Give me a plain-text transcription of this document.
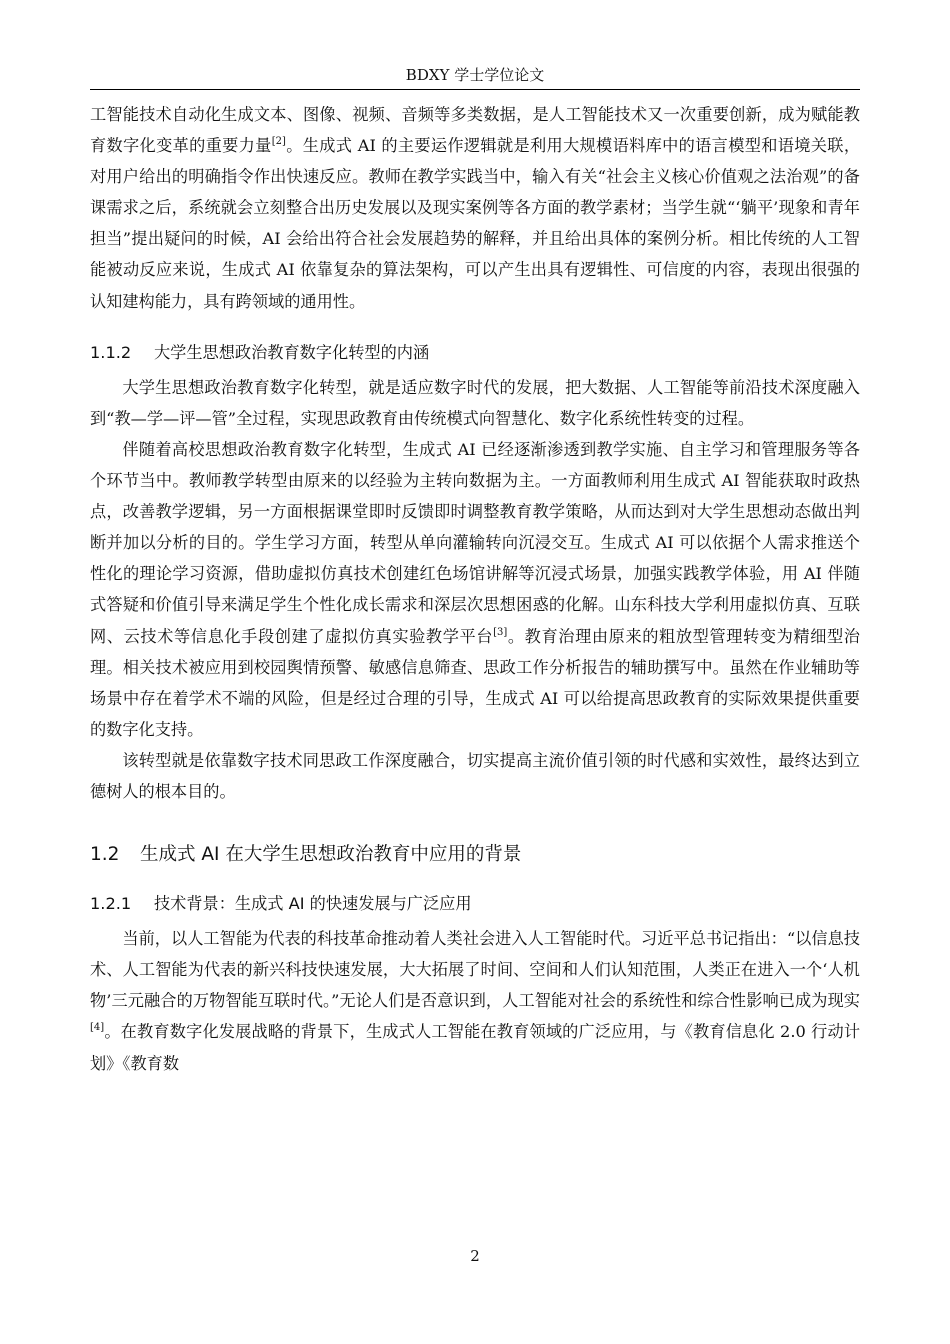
BDXY 学士学位论文

工智能技术自动化生成文本、图像、视频、音频等多类数据，是人工智能技术又一次重要创新，成为赋能教育数字化变革的重要力量[2]。生成式 AI 的主要运作逻辑就是利用大规模语料库中的语言模型和语境关联，对用户给出的明确指令作出快速反应。教师在教学实践当中，输入有关“社会主义核心价值观之法治观”的备课需求之后，系统就会立刻整合出历史发展以及现实案例等各方面的教学素材；当学生就“‘躺平’现象和青年担当”提出疑问的时候，AI 会给出符合社会发展趋势的解释，并且给出具体的案例分析。相比传统的人工智能被动反应来说，生成式 AI 依靠复杂的算法架构，可以产生出具有逻辑性、可信度的内容，表现出很强的认知建构能力，具有跨领域的通用性。

1.1.2 大学生思想政治教育数字化转型的内涵

大学生思想政治教育数字化转型，就是适应数字时代的发展，把大数据、人工智能等前沿技术深度融入到“教—学—评—管”全过程，实现思政教育由传统模式向智慧化、数字化系统性转变的过程。

伴随着高校思想政治教育数字化转型，生成式 AI 已经逐渐渗透到教学实施、自主学习和管理服务等各个环节当中。教师教学转型由原来的以经验为主转向数据为主。一方面教师利用生成式 AI 智能获取时政热点，改善教学逻辑，另一方面根据课堂即时反馈即时调整教育教学策略，从而达到对大学生思想动态做出判断并加以分析的目的。学生学习方面，转型从单向灌输转向沉浸交互。生成式 AI 可以依据个人需求推送个性化的理论学习资源，借助虚拟仿真技术创建红色场馆讲解等沉浸式场景，加强实践教学体验，用 AI 伴随式答疑和价值引导来满足学生个性化成长需求和深层次思想困惑的化解。山东科技大学利用虚拟仿真、互联网、云技术等信息化手段创建了虚拟仿真实验教学平台[3]。教育治理由原来的粗放型管理转变为精细型治理。相关技术被应用到校园舆情预警、敏感信息筛查、思政工作分析报告的辅助撰写中。虽然在作业辅助等场景中存在着学术不端的风险，但是经过合理的引导，生成式 AI 可以给提高思政教育的实际效果提供重要的数字化支持。

该转型就是依靠数字技术同思政工作深度融合，切实提高主流价值引领的时代感和实效性，最终达到立德树人的根本目的。

1.2 生成式 AI 在大学生思想政治教育中应用的背景
1.2.1 技术背景：生成式 AI 的快速发展与广泛应用

当前，以人工智能为代表的科技革命推动着人类社会进入人工智能时代。习近平总书记指出：“以信息技术、人工智能为代表的新兴科技快速发展，大大拓展了时间、空间和人们认知范围，人类正在进入一个‘人机物’三元融合的万物智能互联时代。”无论人们是否意识到，人工智能对社会的系统性和综合性影响已成为现实[4]。在教育数字化发展战略的背景下，生成式人工智能在教育领域的广泛应用，与《教育信息化 2.0 行动计划》《教育数

2
